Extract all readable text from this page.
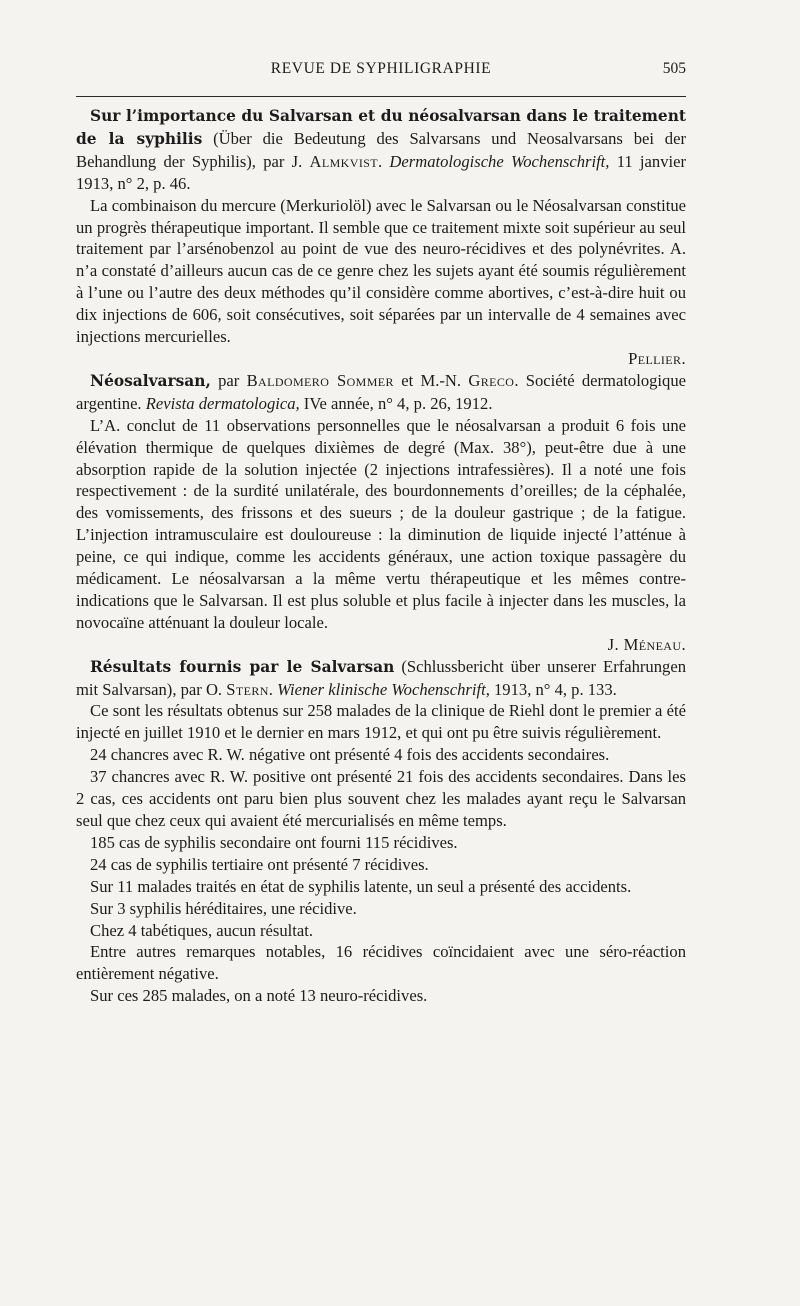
REVUE DE SYPHILIGRAPHIE	505

Sur l’importance du Salvarsan et du néosalvarsan dans le traitement de la syphilis (Über die Bedeutung des Salvarsans und Neosalvarsans bei der Behandlung der Syphilis), par J. Almkvist. Dermatologische Wochenschrift, 11 janvier 1913, n° 2, p. 46.

La combinaison du mercure (Merkuriolöl) avec le Salvarsan ou le Néosalvarsan constitue un progrès thérapeutique important. Il semble que ce traitement mixte soit supérieur au seul traitement par l’arsénobenzol au point de vue des neuro-récidives et des polynévrites. A. n’a constaté d’ailleurs aucun cas de ce genre chez les sujets ayant été soumis régulièrement à l’une ou l’autre des deux méthodes qu’il considère comme abortives, c’est-à-dire huit ou dix injections de 606, soit consécutives, soit séparées par un intervalle de 4 semaines avec injections mercurielles.

Pellier.

Néosalvarsan, par Baldomero Sommer et M.-N. Greco. Société dermatologique argentine. Revista dermatologica, IVe année, n° 4, p. 26, 1912.

L’A. conclut de 11 observations personnelles que le néosalvarsan a produit 6 fois une élévation thermique de quelques dixièmes de degré (Max. 38°), peut-être due à une absorption rapide de la solution injectée (2 injections intrafessières). Il a noté une fois respectivement : de la surdité unilatérale, des bourdonnements d’oreilles; de la céphalée, des vomissements, des frissons et des sueurs ; de la douleur gastrique ; de la fatigue. L’injection intramusculaire est douloureuse : la diminution de liquide injecté l’atténue à peine, ce qui indique, comme les accidents généraux, une action toxique passagère du médicament. Le néosalvarsan a la même vertu thérapeutique et les mêmes contre-indications que le Salvarsan. Il est plus soluble et plus facile à injecter dans les muscles, la novocaïne atténuant la douleur locale.

J. Méneau.

Résultats fournis par le Salvarsan (Schlussbericht über unserer Erfahrungen mit Salvarsan), par O. Stern. Wiener klinische Wochenschrift, 1913, n° 4, p. 133.

Ce sont les résultats obtenus sur 258 malades de la clinique de Riehl dont le premier a été injecté en juillet 1910 et le dernier en mars 1912, et qui ont pu être suivis régulièrement.

24 chancres avec R. W. négative ont présenté 4 fois des accidents secondaires.

37 chancres avec R. W. positive ont présenté 21 fois des accidents secondaires. Dans les 2 cas, ces accidents ont paru bien plus souvent chez les malades ayant reçu le Salvarsan seul que chez ceux qui avaient été mercurialisés en même temps.

185 cas de syphilis secondaire ont fourni 115 récidives.

24 cas de syphilis tertiaire ont présenté 7 récidives.

Sur 11 malades traités en état de syphilis latente, un seul a présenté des accidents.

Sur 3 syphilis héréditaires, une récidive.

Chez 4 tabétiques, aucun résultat.

Entre autres remarques notables, 16 récidives coïncidaient avec une séro-réaction entièrement négative.

Sur ces 285 malades, on a noté 13 neuro-récidives.
